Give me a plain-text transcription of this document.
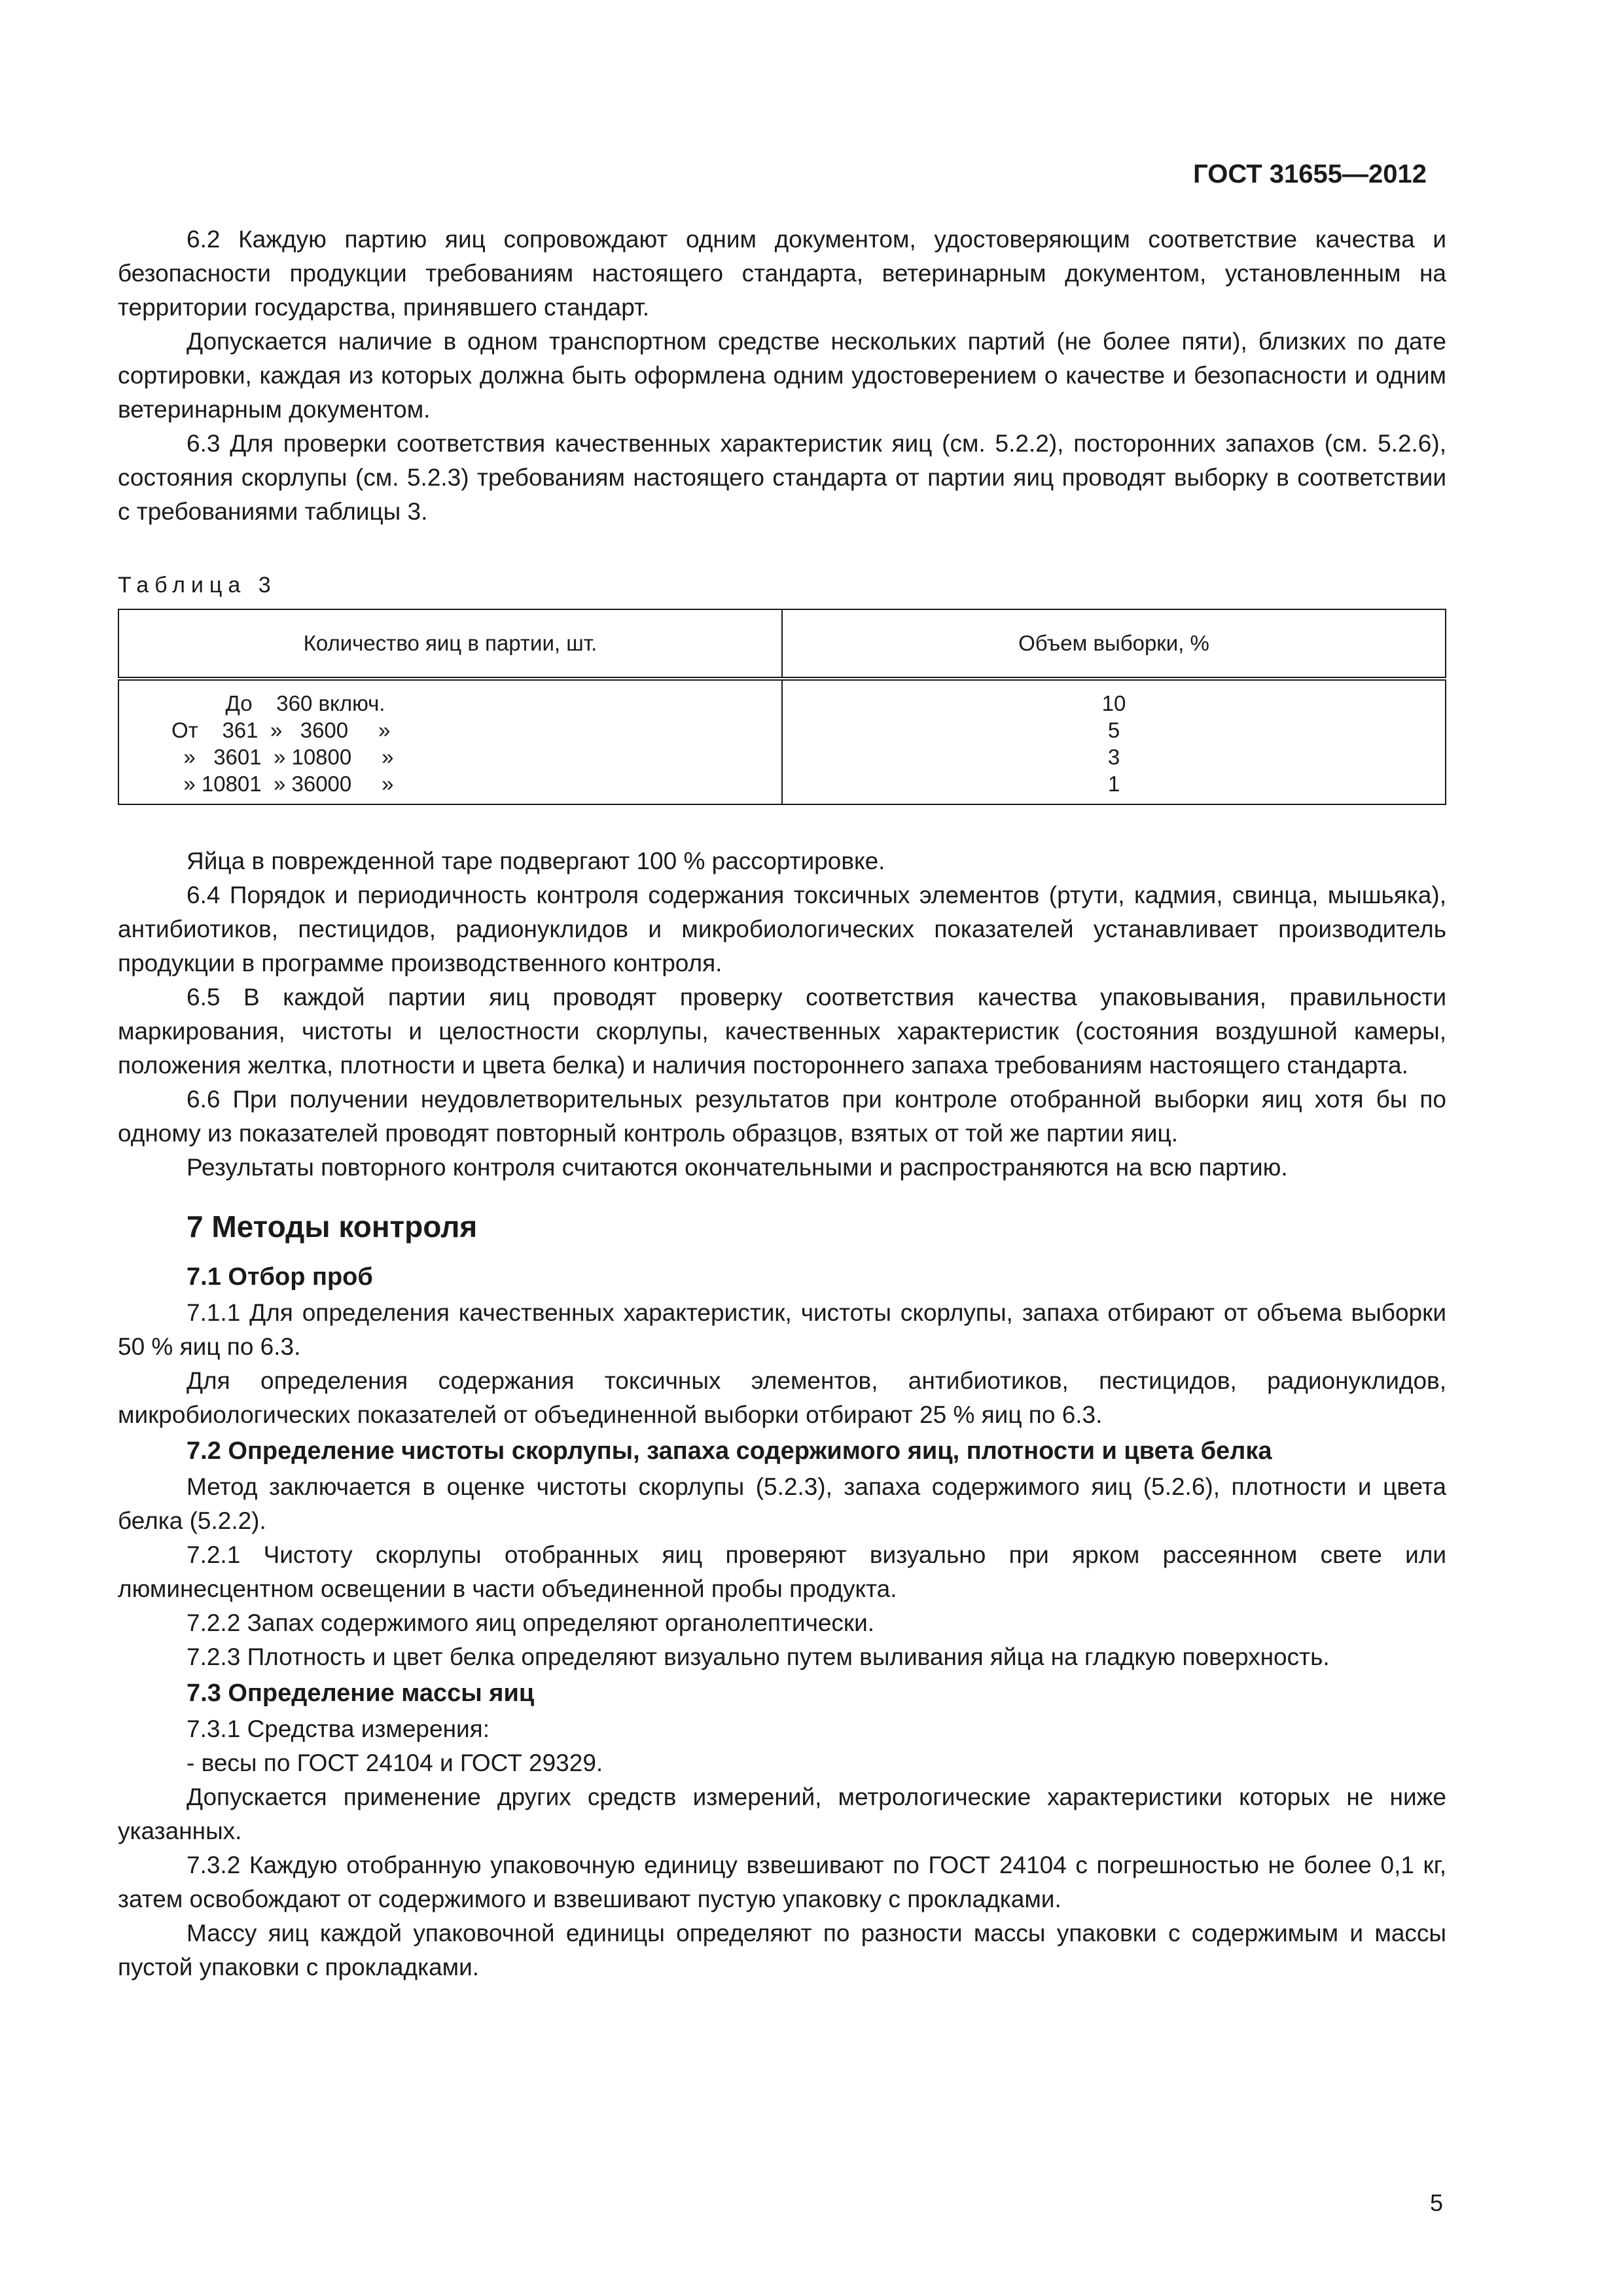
ГОСТ 31655—2012

6.2 Каждую партию яиц сопровождают одним документом, удостоверяющим соответствие качества и безопасности продукции требованиям настоящего стандарта, ветеринарным документом, установленным на территории государства, принявшего стандарт.

Допускается наличие в одном транспортном средстве нескольких партий (не более пяти), близких по дате сортировки, каждая из которых должна быть оформлена одним удостоверением о качестве и безопасности и одним ветеринарным документом.

6.3 Для проверки соответствия качественных характеристик яиц (см. 5.2.2), посторонних запахов (см. 5.2.6), состояния скорлупы (см. 5.2.3) требованиям настоящего стандарта от партии яиц проводят выборку в соответствии с требованиями таблицы 3.

Таблица 3
Количество яиц в партии, шт.	Объем выборки, %
До    360 включ.	10
От    361  »   3600     »	5
»   3601  » 10800     »	3
» 10801  » 36000     »	1

Яйца в поврежденной таре подвергают 100 % рассортировке.

6.4 Порядок и периодичность контроля содержания токсичных элементов (ртути, кадмия, свинца, мышьяка), антибиотиков, пестицидов, радионуклидов и микробиологических показателей устанавливает производитель продукции в программе производственного контроля.

6.5 В каждой партии яиц проводят проверку соответствия качества упаковывания, правильности маркирования, чистоты и целостности скорлупы, качественных характеристик (состояния воздушной камеры, положения желтка, плотности и цвета белка) и наличия постороннего запаха требованиям настоящего стандарта.

6.6 При получении неудовлетворительных результатов при контроле отобранной выборки яиц хотя бы по одному из показателей проводят повторный контроль образцов, взятых от той же партии яиц.

Результаты повторного контроля считаются окончательными и распространяются на всю партию.

7 Методы контроля
7.1 Отбор проб

7.1.1 Для определения качественных характеристик, чистоты скорлупы, запаха отбирают от объема выборки 50 % яиц по 6.3.

Для определения содержания токсичных элементов, антибиотиков, пестицидов, радионуклидов, микробиологических показателей от объединенной выборки отбирают 25 % яиц по 6.3.

7.2 Определение чистоты скорлупы, запаха содержимого яиц, плотности и цвета белка

Метод заключается в оценке чистоты скорлупы (5.2.3), запаха содержимого яиц (5.2.6), плотности и цвета белка (5.2.2).

7.2.1 Чистоту скорлупы отобранных яиц проверяют визуально при ярком рассеянном свете или люминесцентном освещении в части объединенной пробы продукта.

7.2.2 Запах содержимого яиц определяют органолептически.

7.2.3 Плотность и цвет белка определяют визуально путем выливания яйца на гладкую поверхность.

7.3 Определение массы яиц

7.3.1 Средства измерения:

- весы по ГОСТ 24104 и ГОСТ 29329.

Допускается применение других средств измерений, метрологические характеристики которых не ниже указанных.

7.3.2 Каждую отобранную упаковочную единицу взвешивают по ГОСТ 24104 с погрешностью не более 0,1 кг, затем освобождают от содержимого и взвешивают пустую упаковку с прокладками.

Массу яиц каждой упаковочной единицы определяют по разности массы упаковки с содержимым и массы пустой упаковки с прокладками.

5
